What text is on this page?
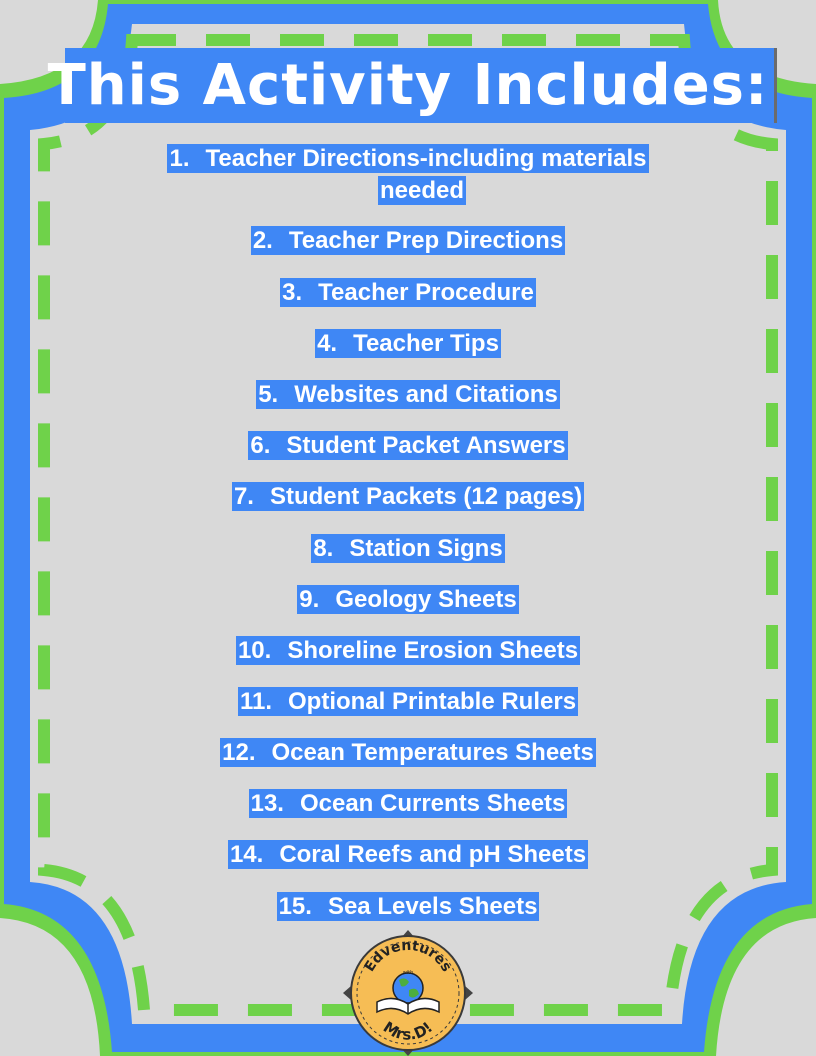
This Activity Includes:
1. Teacher Directions-including materials
needed
2. Teacher Prep Directions
3. Teacher Procedure
4. Teacher Tips
5. Websites and Citations
6. Student Packet Answers
7. Student Packets (12 pages)
8. Station Signs
9. Geology Sheets
10. Shoreline Erosion Sheets
11. Optional Printable Rulers
12. Ocean Temperatures Sheets
13. Ocean Currents Sheets
14. Coral Reefs and pH Sheets
15. Sea Levels Sheets
Edventures
with
Mrs.D!
